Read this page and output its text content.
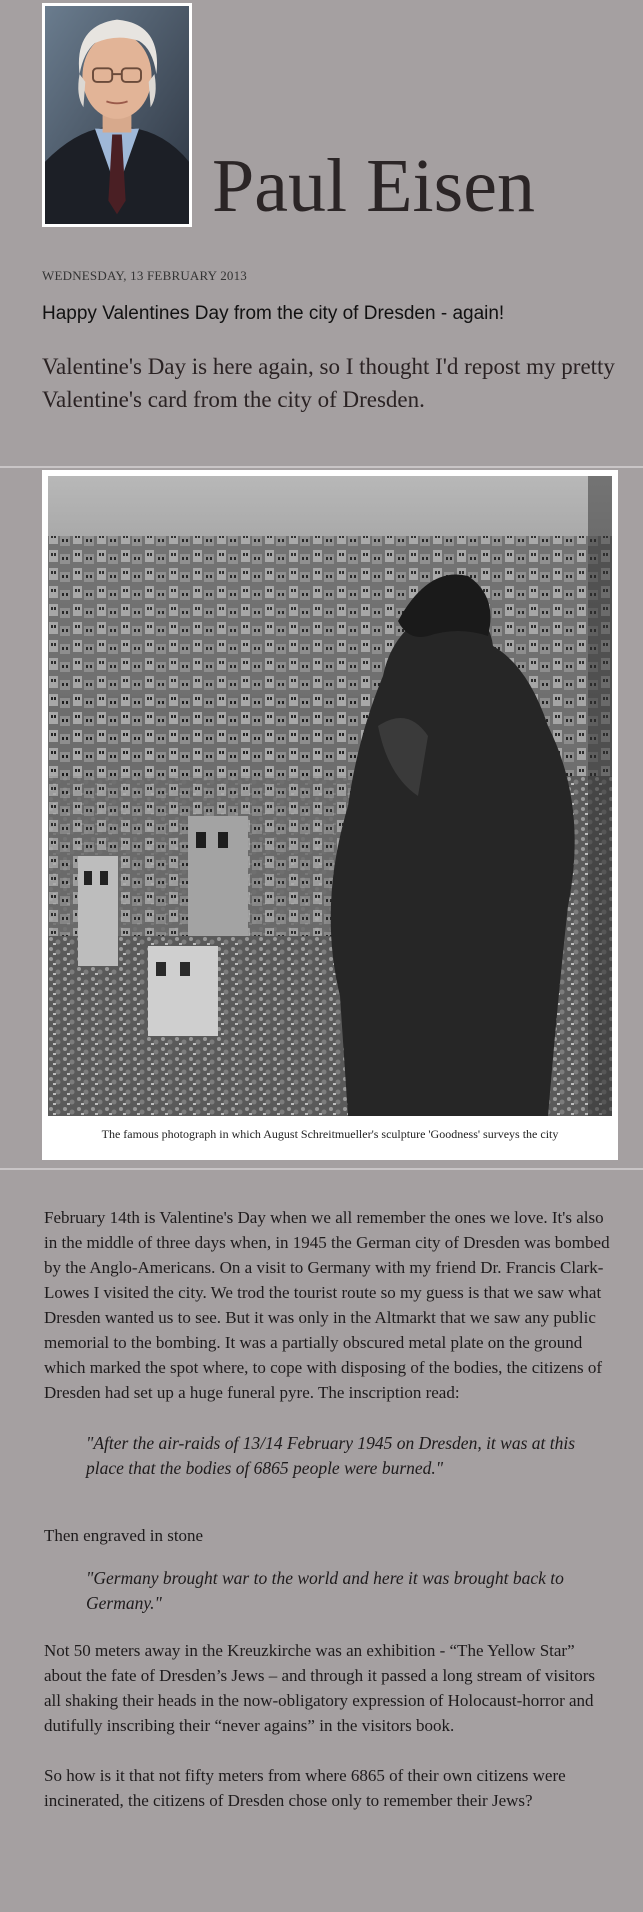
Paul Eisen
WEDNESDAY, 13 FEBRUARY 2013
Happy Valentines Day from the city of Dresden - again!

Valentine's Day is here again, so I thought I'd repost my pretty Valentine's card from the city of Dresden.

The famous photograph in which August Schreitmueller's sculpture 'Goodness' surveys the city

February 14th is Valentine's Day when we all remember the ones we love. It's also in the middle of three days when, in 1945 the German city of Dresden was bombed by the Anglo-Americans. On a visit to Germany with my friend Dr. Francis Clark-Lowes I visited the city. We trod the tourist route so my guess is that we saw what Dresden wanted us to see. But it was only in the Altmarkt that we saw any public memorial to the bombing. It was a partially obscured metal plate on the ground which marked the spot where, to cope with disposing of the bodies, the citizens of Dresden had set up a huge funeral pyre. The inscription read:

"After the air-raids of 13/14 February 1945 on Dresden, it was at this place that the bodies of 6865 people were burned."

Then engraved in stone

"Germany brought war to the world and here it was brought back to Germany."

Not 50 meters away in the Kreuzkirche was an exhibition - “The Yellow Star” about the fate of Dresden’s Jews – and through it passed a long stream of visitors all shaking their heads in the now-obligatory expression of Holocaust-horror and dutifully inscribing their “never agains” in the visitors book.

So how is it that not fifty meters from where 6865 of their own citizens were incinerated, the citizens of Dresden chose only to remember their Jews?
